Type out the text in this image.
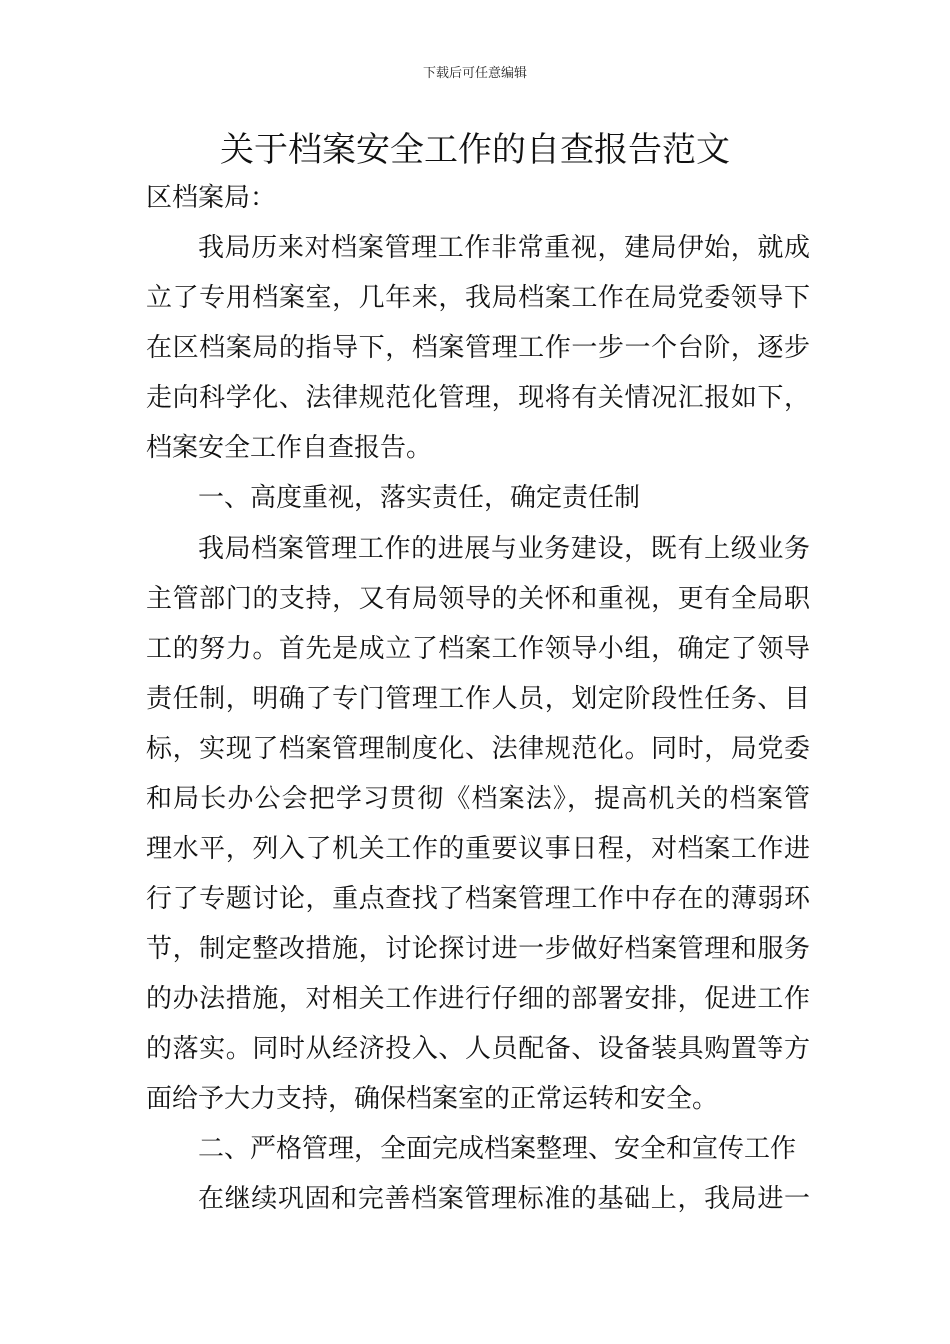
下载后可任意编辑
关于档案安全工作的自查报告范文

区档案局：

我局历来对档案管理工作非常重视，建局伊始，就成

立了专用档案室，几年来，我局档案工作在局党委领导下

在区档案局的指导下，档案管理工作一步一个台阶，逐步

走向科学化、法律规范化管理，现将有关情况汇报如下，

档案安全工作自查报告。

一、高度重视，落实责任，确定责任制

我局档案管理工作的进展与业务建设，既有上级业务

主管部门的支持，又有局领导的关怀和重视，更有全局职

工的努力。首先是成立了档案工作领导小组，确定了领导

责任制，明确了专门管理工作人员，划定阶段性任务、目

标，实现了档案管理制度化、法律规范化。同时，局党委

和局长办公会把学习贯彻《档案法》，提高机关的档案管

理水平，列入了机关工作的重要议事日程，对档案工作进

行了专题讨论，重点查找了档案管理工作中存在的薄弱环

节，制定整改措施，讨论探讨进一步做好档案管理和服务

的办法措施，对相关工作进行仔细的部署安排，促进工作

的落实。同时从经济投入、人员配备、设备装具购置等方

面给予大力支持，确保档案室的正常运转和安全。

二、严格管理，全面完成档案整理、安全和宣传工作

在继续巩固和完善档案管理标准的基础上，我局进一
